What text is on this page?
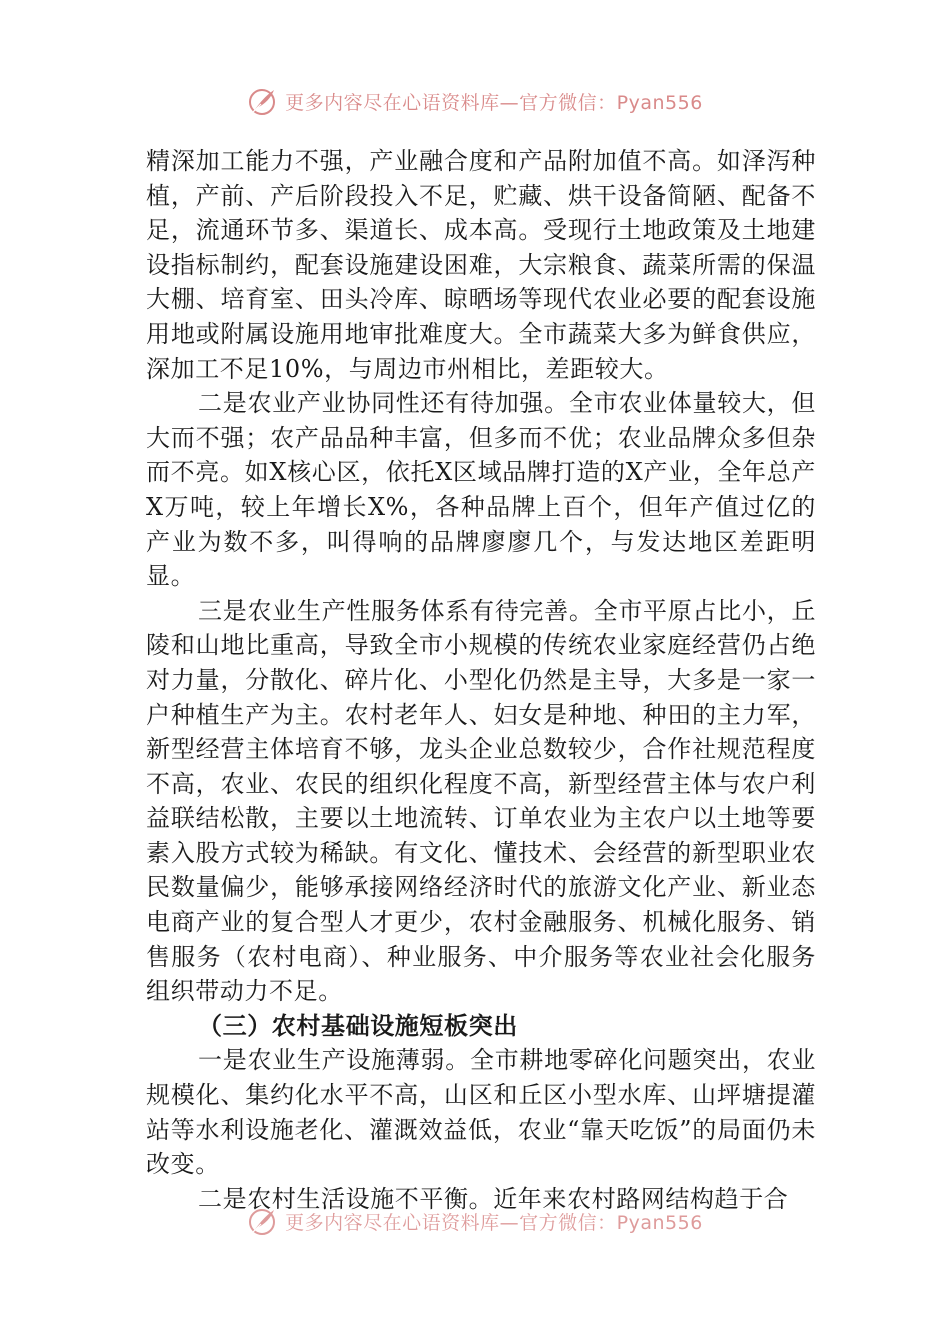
更多内容尽在心语资料库—官方微信：Pyan556

精深加工能力不强，产业融合度和产品附加值不高。如泽泻种植，产前、产后阶段投入不足，贮藏、烘干设备简陋、配备不足，流通环节多、渠道长、成本高。受现行土地政策及土地建设指标制约，配套设施建设困难，大宗粮食、蔬菜所需的保温大棚、培育室、田头冷库、晾晒场等现代农业必要的配套设施用地或附属设施用地审批难度大。全市蔬菜大多为鲜食供应，深加工不足10%，与周边市州相比，差距较大。

二是农业产业协同性还有待加强。全市农业体量较大，但大而不强；农产品品种丰富，但多而不优；农业品牌众多但杂而不亮。如X核心区，依托X区域品牌打造的X产业，全年总产X万吨，较上年增长X%，各种品牌上百个，但年产值过亿的产业为数不多，叫得响的品牌廖廖几个，与发达地区差距明显。

三是农业生产性服务体系有待完善。全市平原占比小，丘陵和山地比重高，导致全市小规模的传统农业家庭经营仍占绝对力量，分散化、碎片化、小型化仍然是主导，大多是一家一户种植生产为主。农村老年人、妇女是种地、种田的主力军，新型经营主体培育不够，龙头企业总数较少，合作社规范程度不高，农业、农民的组织化程度不高，新型经营主体与农户利益联结松散，主要以土地流转、订单农业为主农户以土地等要素入股方式较为稀缺。有文化、懂技术、会经营的新型职业农民数量偏少，能够承接网络经济时代的旅游文化产业、新业态电商产业的复合型人才更少，农村金融服务、机械化服务、销售服务（农村电商）、种业服务、中介服务等农业社会化服务组织带动力不足。

（三）农村基础设施短板突出

一是农业生产设施薄弱。全市耕地零碎化问题突出，农业规模化、集约化水平不高，山区和丘区小型水库、山坪塘提灌站等水利设施老化、灌溉效益低，农业“靠天吃饭”的局面仍未改变。

二是农村生活设施不平衡。近年来农村路网结构趋于合

更多内容尽在心语资料库—官方微信：Pyan556
